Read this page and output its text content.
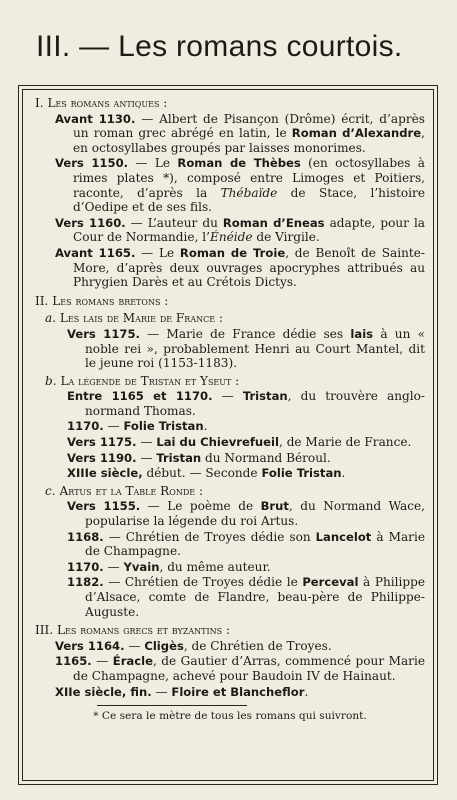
III. — Les romans courtois.
I. Les romans antiques :
Avant 1130. — Albert de Pisançon (Drôme) écrit, d’après un roman grec abrégé en latin, le Roman d’Alexandre, en octosyllabes groupés par laisses monorimes.
Vers 1150. — Le Roman de Thèbes (en octosyllabes à rimes plates *), composé entre Limoges et Poitiers, raconte, d’après la Thébaïde de Stace, l’histoire d’Oedipe et de ses fils.
Vers 1160. — L’auteur du Roman d’Eneas adapte, pour la Cour de Normandie, l’Énéide de Virgile.
Avant 1165. — Le Roman de Troie, de Benoît de Sainte-More, d’après deux ouvrages apocryphes attribués au Phrygien Darès et au Crétois Dictys.
II. Les romans bretons :
a. Les lais de Marie de France :
Vers 1175. — Marie de France dédie ses lais à un « noble rei », probablement Henri au Court Mantel, dit le jeune roi (1153-1183).
b. La légende de Tristan et Yseut :
Entre 1165 et 1170. — Tristan, du trouvère anglo-normand Thomas.
1170. — Folie Tristan.
Vers 1175. — Lai du Chievrefueil, de Marie de France.
Vers 1190. — Tristan du Normand Béroul.
XIIIe siècle, début. — Seconde Folie Tristan.
c. Artus et la Table Ronde :
Vers 1155. — Le poème de Brut, du Normand Wace, popularise la légende du roi Artus.
1168. — Chrétien de Troyes dédie son Lancelot à Marie de Champagne.
1170. — Yvain, du même auteur.
1182. — Chrétien de Troyes dédie le Perceval à Philippe d’Alsace, comte de Flandre, beau-père de Philippe-Auguste.
III. Les romans grecs et byzantins :
Vers 1164. — Cligès, de Chrétien de Troyes.
1165. — Éracle, de Gautier d’Arras, commencé pour Marie de Champagne, achevé pour Baudoin IV de Hainaut.
XIIe siècle, fin. — Floire et Blancheflor.
* Ce sera le mètre de tous les romans qui suivront.
